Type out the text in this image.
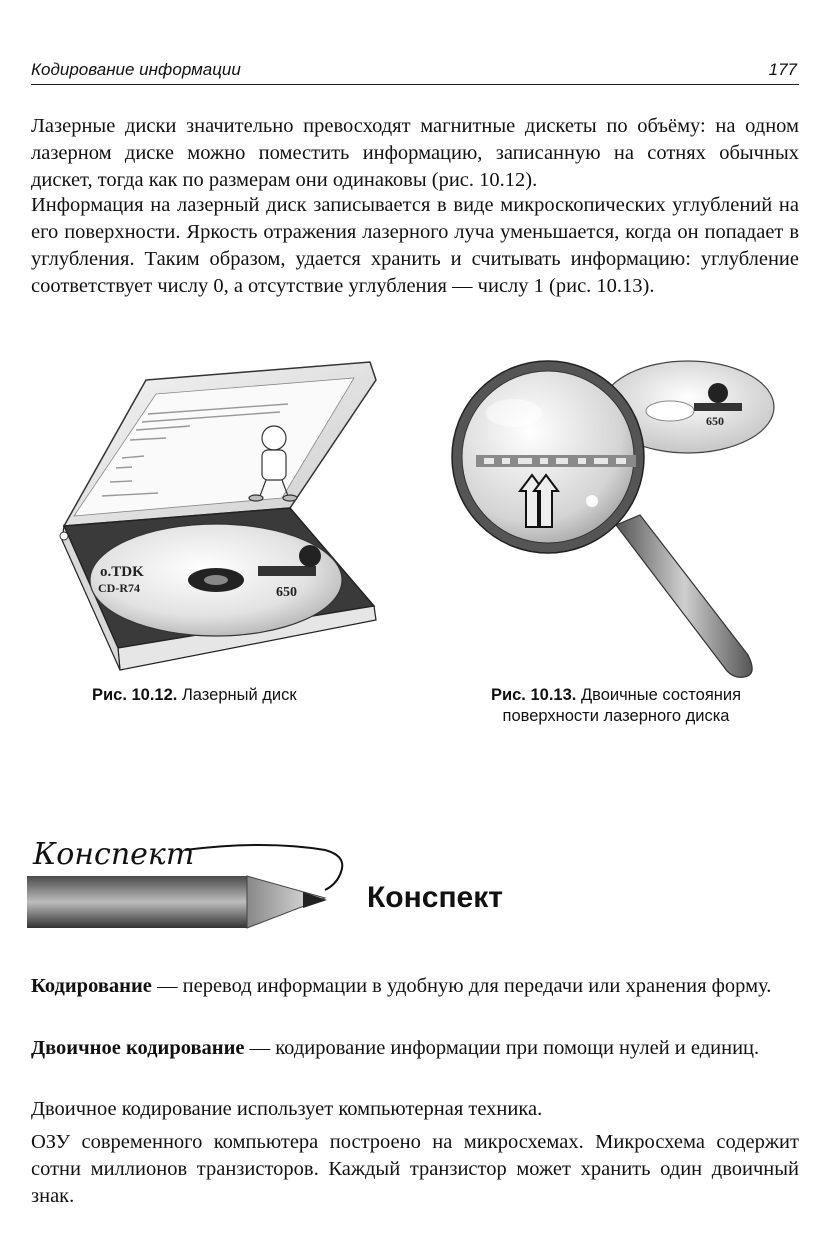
Кодирование информации	177

Лазерные диски значительно превосходят магнитные дискеты по объёму: на одном лазерном диске можно поместить информацию, записанную на сотнях обычных дискет, тогда как по размерам они одинаковы (рис. 10.12).

Информация на лазерный диск записывается в виде микроскопических углублений на его поверхности. Яркость отражения лазерного луча уменьшается, когда он попадает в углубления. Таким образом, удается хранить и считывать информацию: углубление соответствует числу 0, а отсутствие углубления — числу 1 (рис. 10.13).

o.TDK
CD-R74	650
Рис. 10.12. Лазерный диск
650
Рис. 10.13. Двоичные состояния поверхности лазерного диска
Конспект
Конспект

Кодирование — перевод информации в удобную для передачи или хранения форму.

Двоичное кодирование — кодирование информации при помощи нулей и единиц.

Двоичное кодирование использует компьютерная техника.

ОЗУ современного компьютера построено на микросхемах. Микросхема содержит сотни миллионов транзисторов. Каждый транзистор может хранить один двоичный знак.
